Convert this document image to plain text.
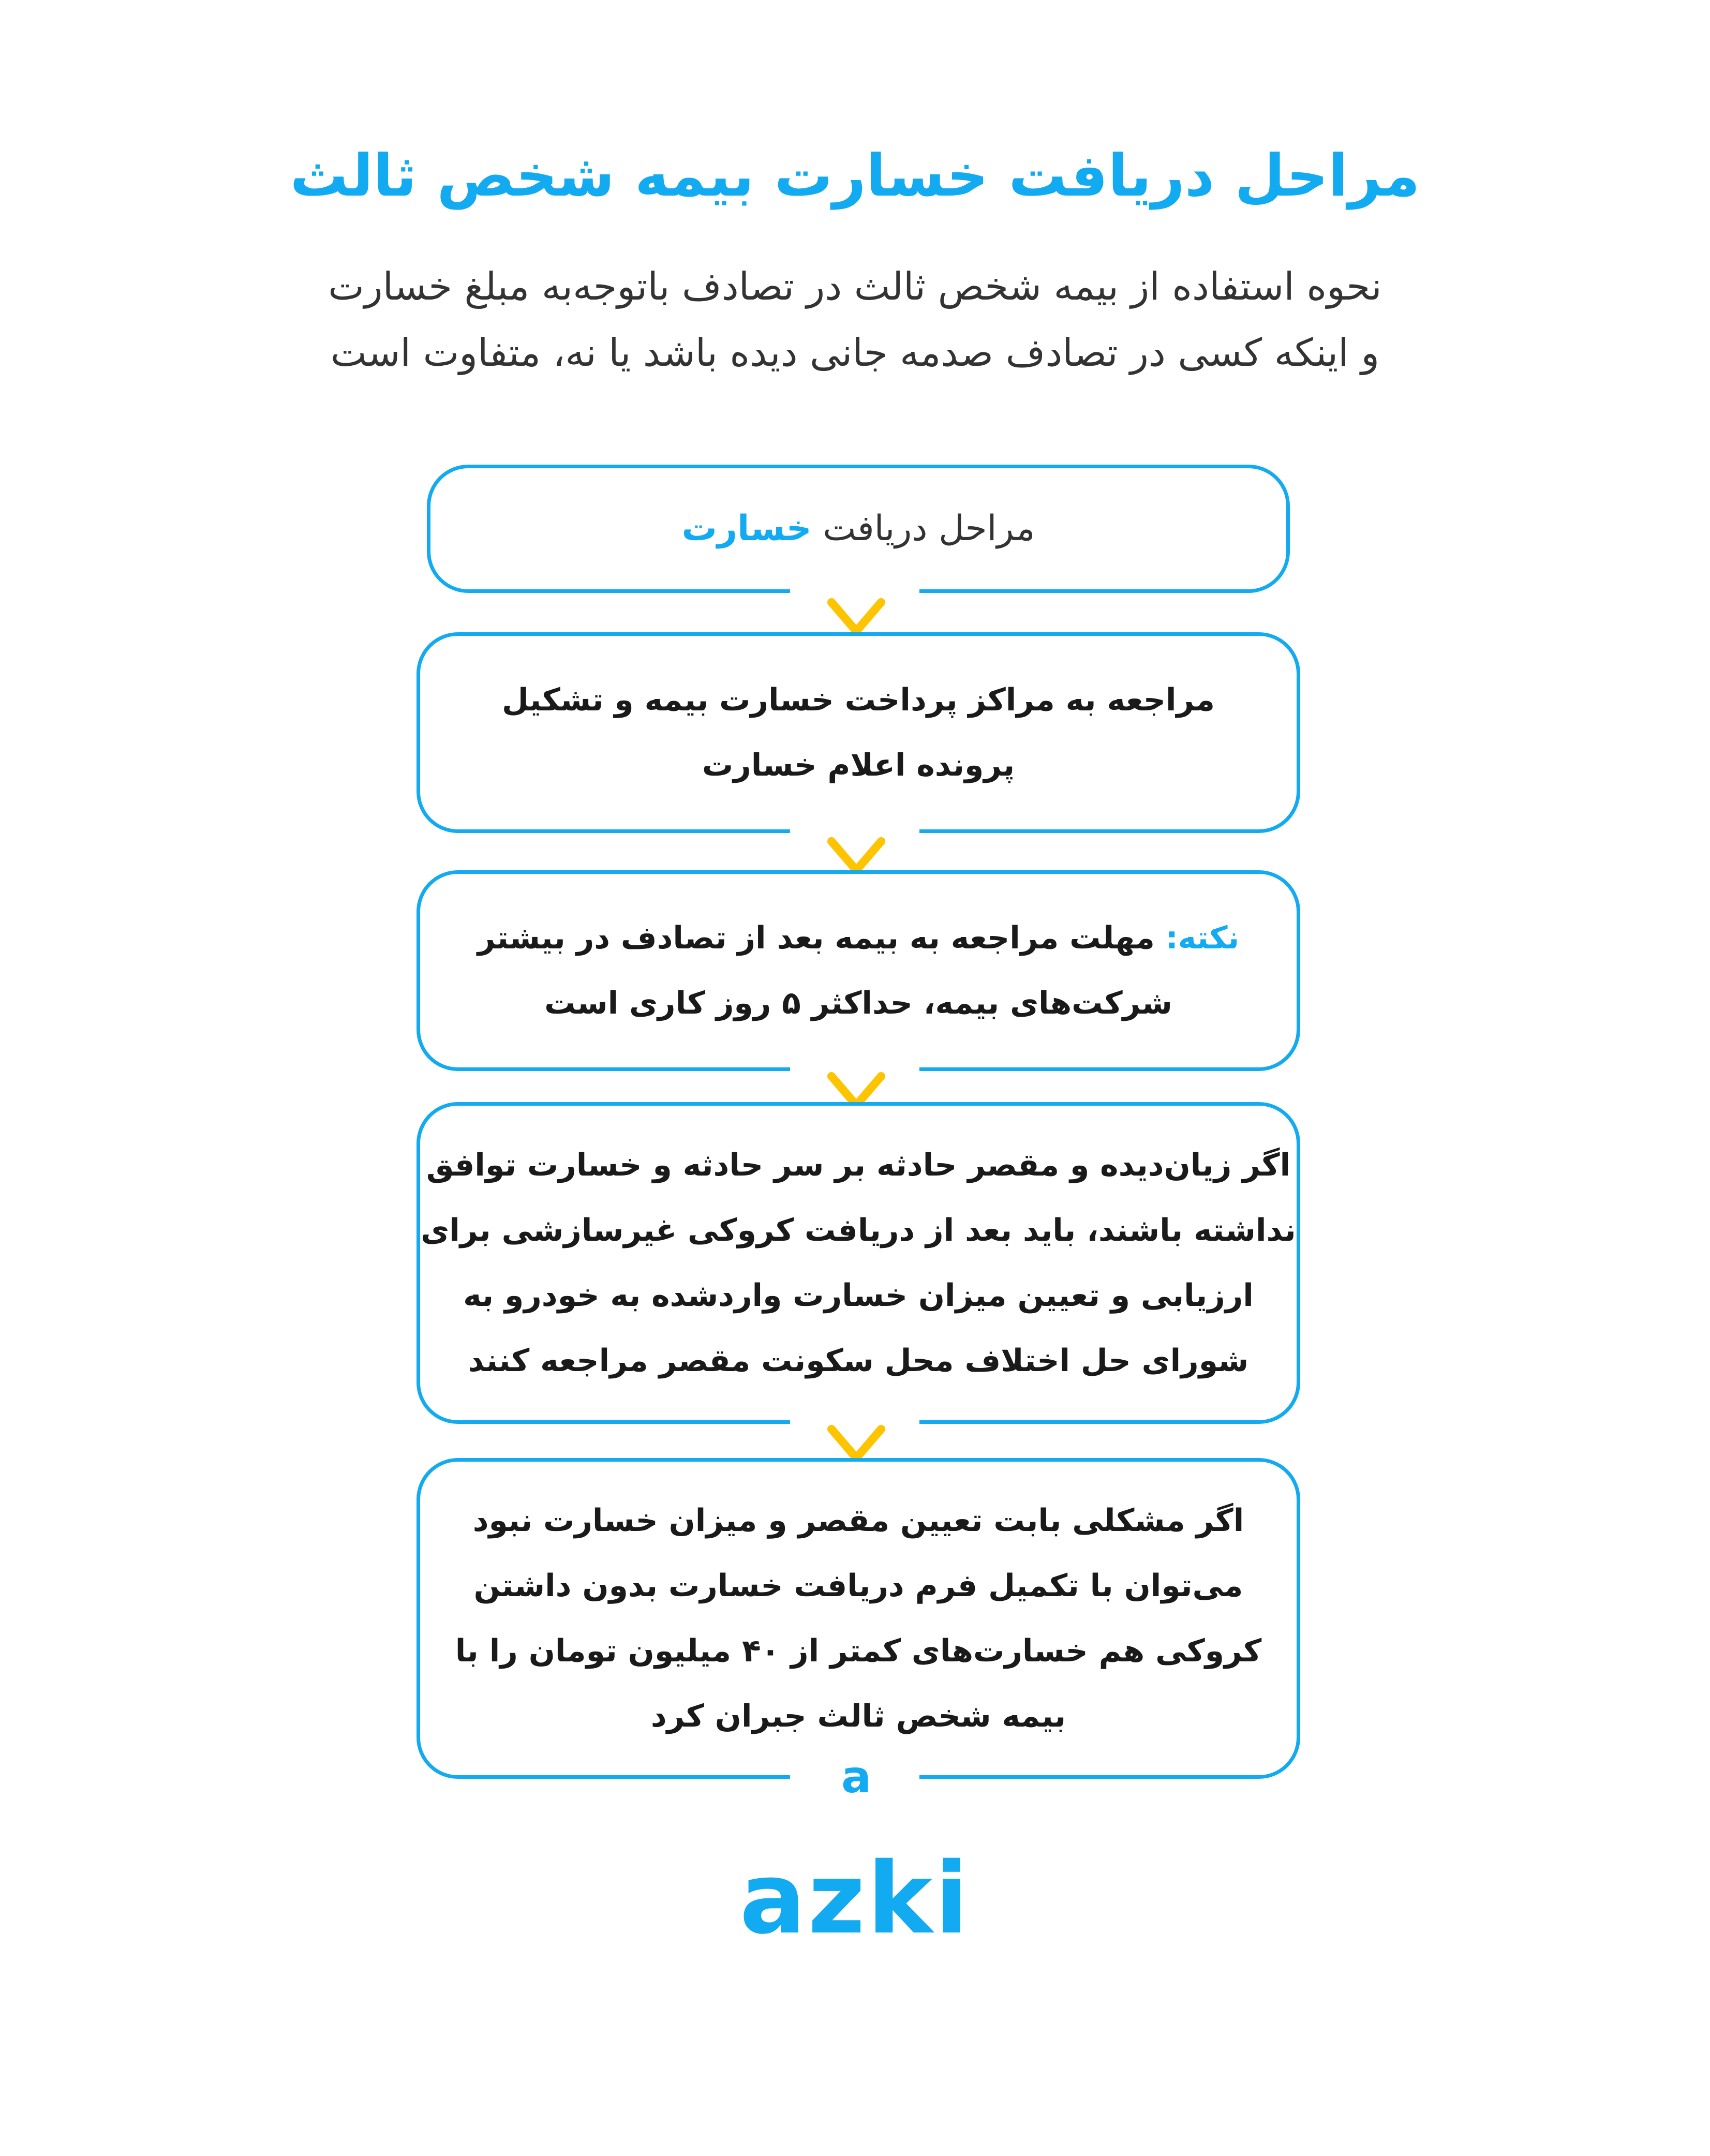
مراحل دریافت خسارت بیمه شخص ثالث
نحوه استفاده از بیمه شخص ثالث در تصادف باتوجه‌به مبلغ خسارت
و اینکه کسی در تصادف صدمه جانی دیده باشد یا نه، متفاوت است
مراحل دریافت خسارت
مراجعه به مراکز پرداخت خسارت بیمه و تشکیل
پرونده اعلام خسارت
نکته: مهلت مراجعه به بیمه بعد از تصادف در بیشتر
شرکت‌های بیمه، حداکثر ۵ روز کاری است
اگر زیان‌دیده و مقصر حادثه بر سر حادثه و خسارت توافق
نداشته باشند، باید بعد از دریافت کروکی غیرسازشی برای
ارزیابی و تعیین میزان خسارت واردشده به خودرو به
شورای حل اختلاف محل سکونت مقصر مراجعه کنند
اگر مشکلی بابت تعیین مقصر و میزان خسارت نبود
می‌توان با تکمیل فرم دریافت خسارت بدون داشتن
کروکی هم خسارت‌های کمتر از ۴۰ میلیون تومان را با
بیمه شخص ثالث جبران کرد
a
azki
